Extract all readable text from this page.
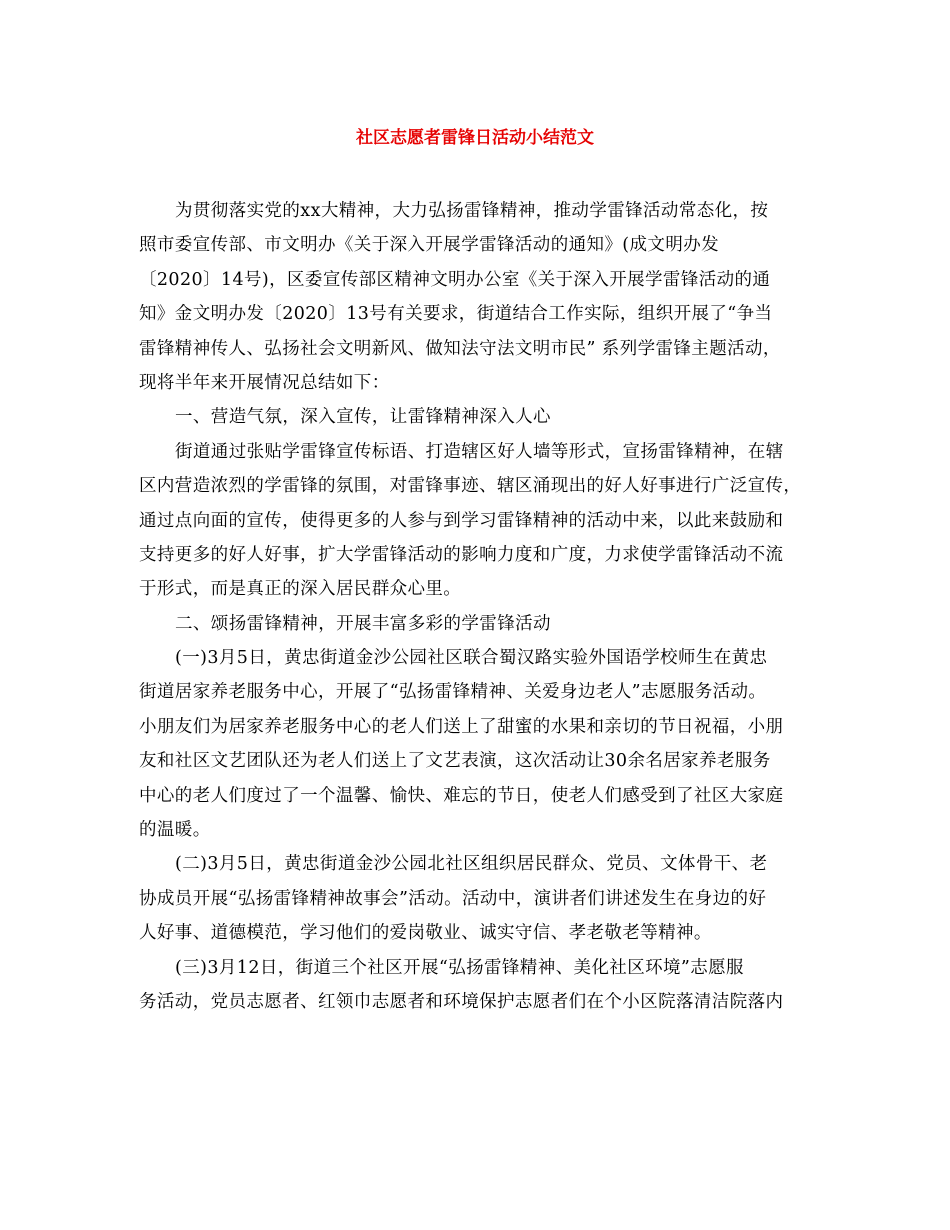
社区志愿者雷锋日活动小结范文
为贯彻落实党的xx大精神，大力弘扬雷锋精神，推动学雷锋活动常态化，按
照市委宣传部、市文明办《关于深入开展学雷锋活动的通知》(成文明办发
〔2020〕14号)，区委宣传部区精神文明办公室《关于深入开展学雷锋活动的通
知》金文明办发〔2020〕13号有关要求，街道结合工作实际，组织开展了“争当
雷锋精神传人、弘扬社会文明新风、做知法守法文明市民” 系列学雷锋主题活动，
现将半年来开展情况总结如下：
一、营造气氛，深入宣传，让雷锋精神深入人心
街道通过张贴学雷锋宣传标语、打造辖区好人墙等形式，宣扬雷锋精神，在辖
区内营造浓烈的学雷锋的氛围，对雷锋事迹、辖区涌现出的好人好事进行广泛宣传，
通过点向面的宣传，使得更多的人参与到学习雷锋精神的活动中来，以此来鼓励和
支持更多的好人好事，扩大学雷锋活动的影响力度和广度，力求使学雷锋活动不流
于形式，而是真正的深入居民群众心里。
二、颂扬雷锋精神，开展丰富多彩的学雷锋活动
(一)3月5日，黄忠街道金沙公园社区联合蜀汉路实验外国语学校师生在黄忠
街道居家养老服务中心，开展了“弘扬雷锋精神、关爱身边老人”志愿服务活动。
小朋友们为居家养老服务中心的老人们送上了甜蜜的水果和亲切的节日祝福，小朋
友和社区文艺团队还为老人们送上了文艺表演，这次活动让30余名居家养老服务
中心的老人们度过了一个温馨、愉快、难忘的节日，使老人们感受到了社区大家庭
的温暖。
(二)3月5日，黄忠街道金沙公园北社区组织居民群众、党员、文体骨干、老
协成员开展“弘扬雷锋精神故事会”活动。活动中，演讲者们讲述发生在身边的好
人好事、道德模范，学习他们的爱岗敬业、诚实守信、孝老敬老等精神。
(三)3月12日，街道三个社区开展“弘扬雷锋精神、美化社区环境”志愿服
务活动，党员志愿者、红领巾志愿者和环境保护志愿者们在个小区院落清洁院落内
